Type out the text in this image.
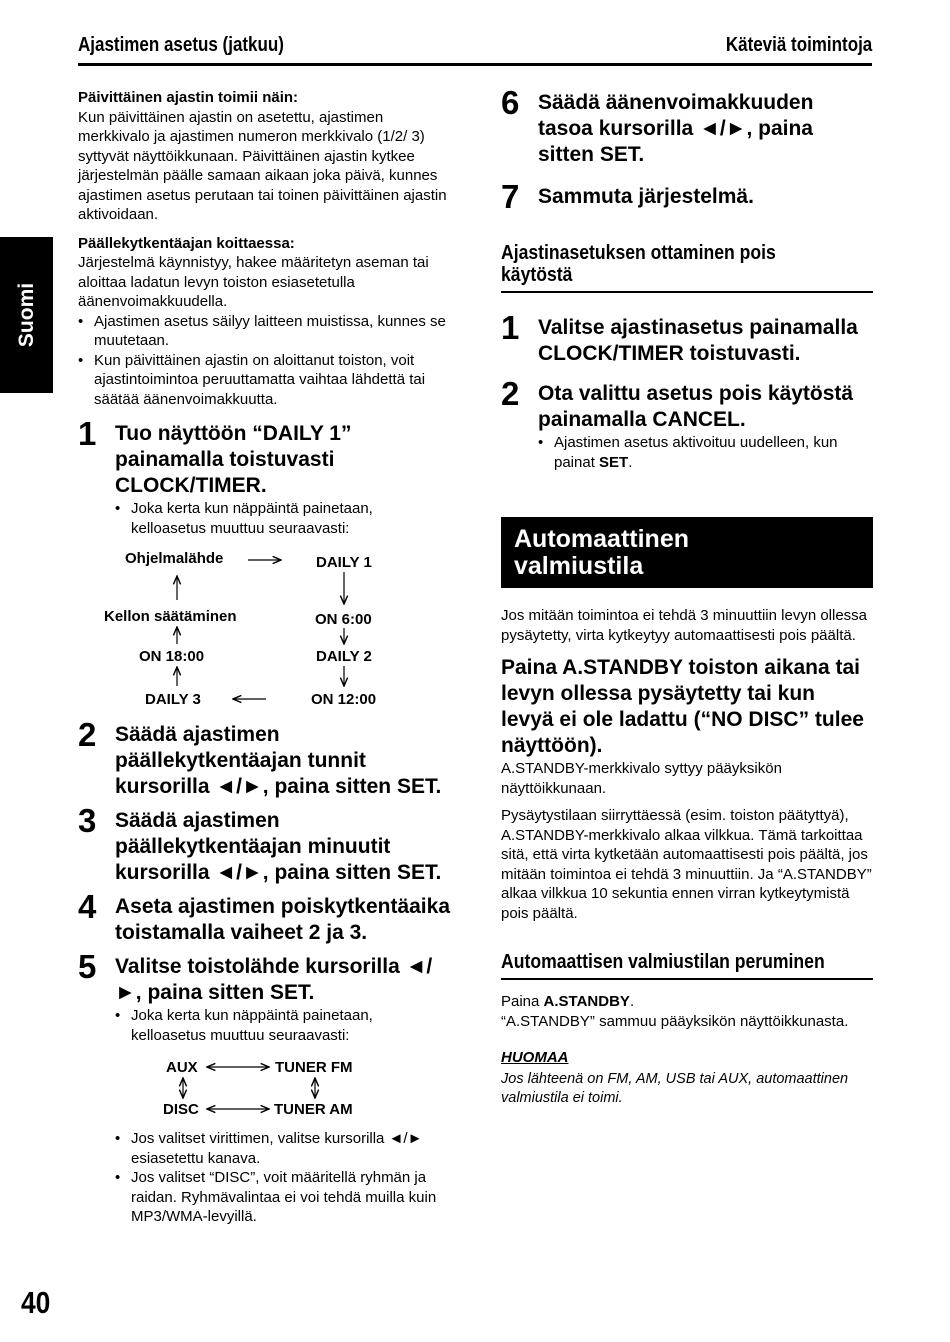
Ajastimen asetus (jatkuu)	Käteviä toimintoja
Suomi

Päivittäinen ajastin toimii näin:

Kun päivittäinen ajastin on asetettu, ajastimen merkkivalo ja ajastimen numeron merkkivalo (1/2/ 3) syttyvät näyttöikkunaan. Päivittäinen ajastin kytkee järjestelmän päälle samaan aikaan joka päivä, kunnes ajastimen asetus perutaan tai toinen päivittäinen ajastin aktivoidaan.

Päällekytkentäajan koittaessa:

Järjestelmä käynnistyy, hakee määritetyn aseman tai aloittaa ladatun levyn toiston esiasetetulla äänenvoimakkuudella.

• Ajastimen asetus säilyy laitteen muistissa, kunnes se muutetaan.

• Kun päivittäinen ajastin on aloittanut toiston, voit ajastintoimintoa peruuttamatta vaihtaa lähdettä tai säätää äänenvoimakkuutta.

1 Tuo näyttöön “DAILY 1” painamalla toistuvasti CLOCK/TIMER.

• Joka kerta kun näppäintä painetaan, kelloasetus muuttuu seuraavasti:

Ohjelmalähde	DAILY 1
Kellon säätäminen	ON 6:00
ON 18:00	DAILY 2
DAILY 3	ON 12:00
2 Säädä ajastimen päällekytkentäajan tunnit kursorilla ◄/►, paina sitten SET.
3 Säädä ajastimen päällekytkentäajan minuutit kursorilla ◄/►, paina sitten SET.
4 Aseta ajastimen poiskytkentäaika toistamalla vaiheet 2 ja 3.
5 Valitse toistolähde kursorilla ◄/►, paina sitten SET.

• Joka kerta kun näppäintä painetaan, kelloasetus muuttuu seuraavasti:

AUX	TUNER FM
DISC	TUNER AM

• Jos valitset virittimen, valitse kursorilla ◄/► esiasetettu kanava.

• Jos valitset “DISC”, voit määritellä ryhmän ja raidan. Ryhmävalintaa ei voi tehdä muilla kuin MP3/WMA-levyillä.

6 Säädä äänenvoimakkuuden tasoa kursorilla ◄/►, paina sitten SET.
7 Sammuta järjestelmä.

Ajastinasetuksen ottaminen pois

käytöstä

1 Valitse ajastinasetus painamalla CLOCK/TIMER toistuvasti.
2 Ota valittu asetus pois käytöstä painamalla CANCEL.

• Ajastimen asetus aktivoituu uudelleen, kun painat SET.

Automaattinen
valmiustila

Jos mitään toimintoa ei tehdä 3 minuuttiin levyn ollessa pysäytetty, virta kytkeytyy automaattisesti pois päältä.

Paina A.STANDBY toiston aikana tai levyn ollessa pysäytetty tai kun levyä ei ole ladattu (“NO DISC” tulee näyttöön).

A.STANDBY-merkkivalo syttyy pääyksikön näyttöikkunaan.

Pysäytystilaan siirryttäessä (esim. toiston päätyttyä), A.STANDBY-merkkivalo alkaa vilkkua. Tämä tarkoittaa sitä, että virta kytketään automaattisesti pois päältä, jos mitään toimintoa ei tehdä 3 minuuttiin. Ja “A.STANDBY” alkaa vilkkua 10 sekuntia ennen virran kytkeytymistä pois päältä.

Automaattisen valmiustilan peruminen

Paina A.STANDBY.

“A.STANDBY” sammuu pääyksikön näyttöikkunasta.

HUOMAA

Jos lähteenä on FM, AM, USB tai AUX, automaattinen valmiustila ei toimi.

40
